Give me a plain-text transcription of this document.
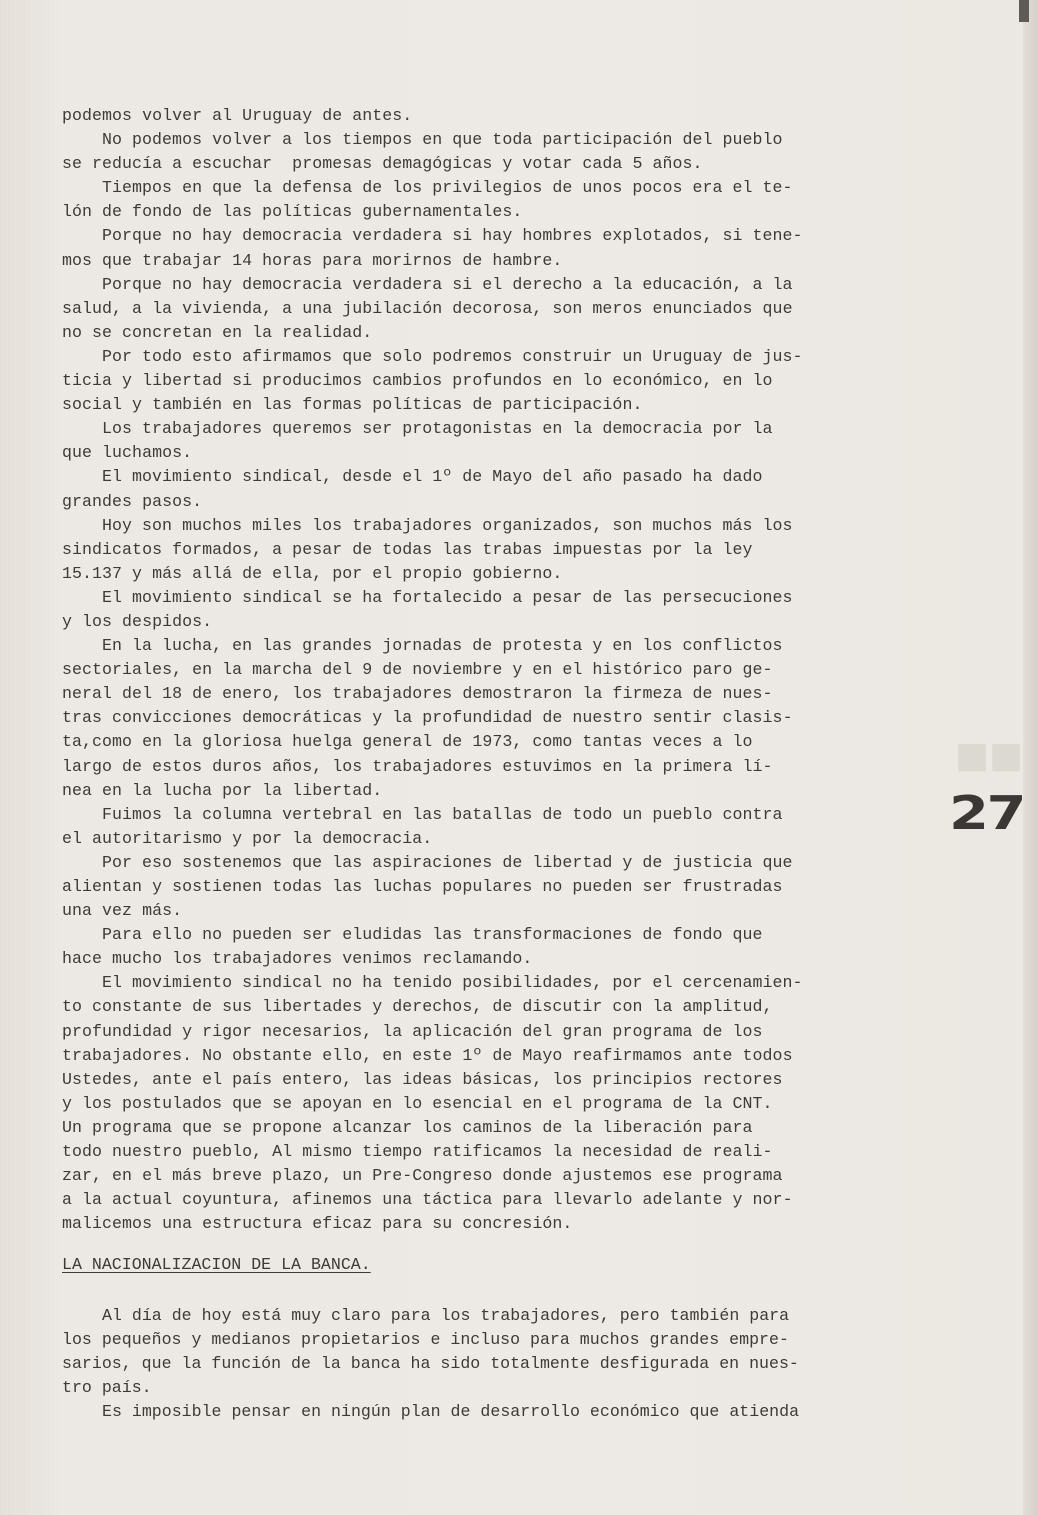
■■
podemos volver al Uruguay de antes.
No podemos volver a los tiempos en que toda participación del pueblo
se reducía a escuchar  promesas demagógicas y votar cada 5 años.
Tiempos en que la defensa de los privilegios de unos pocos era el te-
lón de fondo de las políticas gubernamentales.
Porque no hay democracia verdadera si hay hombres explotados, si tene-
mos que trabajar 14 horas para morirnos de hambre.
Porque no hay democracia verdadera si el derecho a la educación, a la
salud, a la vivienda, a una jubilación decorosa, son meros enunciados que
no se concretan en la realidad.
Por todo esto afirmamos que solo podremos construir un Uruguay de jus-
ticia y libertad si producimos cambios profundos en lo económico, en lo
social y también en las formas políticas de participación.
Los trabajadores queremos ser protagonistas en la democracia por la
que luchamos.
El movimiento sindical, desde el 1º de Mayo del año pasado ha dado
grandes pasos.
Hoy son muchos miles los trabajadores organizados, son muchos más los
sindicatos formados, a pesar de todas las trabas impuestas por la ley
15.137 y más allá de ella, por el propio gobierno.
El movimiento sindical se ha fortalecido a pesar de las persecuciones
y los despidos.
En la lucha, en las grandes jornadas de protesta y en los conflictos
sectoriales, en la marcha del 9 de noviembre y en el histórico paro ge-
neral del 18 de enero, los trabajadores demostraron la firmeza de nues-
tras convicciones democráticas y la profundidad de nuestro sentir clasis-
ta,como en la gloriosa huelga general de 1973, como tantas veces a lo
largo de estos duros años, los trabajadores estuvimos en la primera lí-
nea en la lucha por la libertad.
Fuimos la columna vertebral en las batallas de todo un pueblo contra
el autoritarismo y por la democracia.
Por eso sostenemos que las aspiraciones de libertad y de justicia que
alientan y sostienen todas las luchas populares no pueden ser frustradas
una vez más.
Para ello no pueden ser eludidas las transformaciones de fondo que
hace mucho los trabajadores venimos reclamando.
El movimiento sindical no ha tenido posibilidades, por el cercenamien-
to constante de sus libertades y derechos, de discutir con la amplitud,
profundidad y rigor necesarios, la aplicación del gran programa de los
trabajadores. No obstante ello, en este 1º de Mayo reafirmamos ante todos
Ustedes, ante el país entero, las ideas básicas, los principios rectores
y los postulados que se apoyan en lo esencial en el programa de la CNT.
Un programa que se propone alcanzar los caminos de la liberación para
todo nuestro pueblo, Al mismo tiempo ratificamos la necesidad de reali-
zar, en el más breve plazo, un Pre-Congreso donde ajustemos ese programa
a la actual coyuntura, afinemos una táctica para llevarlo adelante y nor-
malicemos una estructura eficaz para su concresión.
LA NACIONALIZACION DE LA BANCA.
Al día de hoy está muy claro para los trabajadores, pero también para
los pequeños y medianos propietarios e incluso para muchos grandes empre-
sarios, que la función de la banca ha sido totalmente desfigurada en nues-
tro país.
Es imposible pensar en ningún plan de desarrollo económico que atienda
27
